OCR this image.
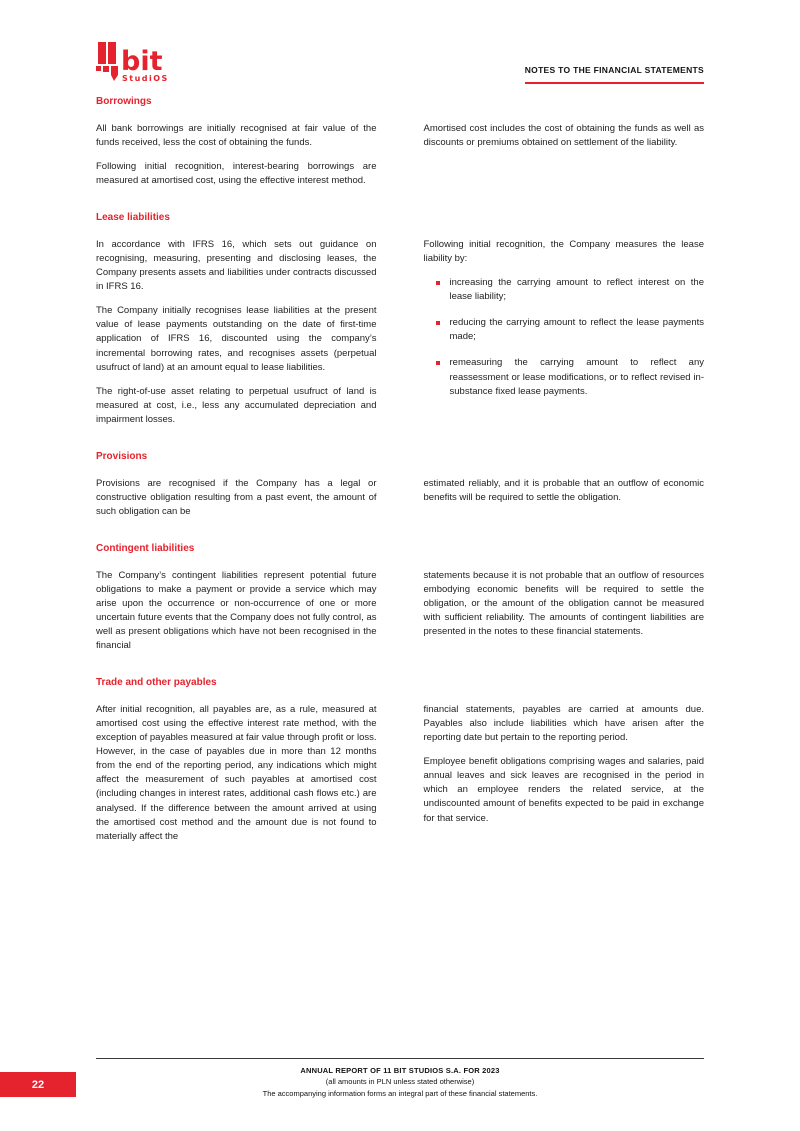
bit
StudiOS
NOTES TO THE FINANCIAL STATEMENTS
Borrowings

All bank borrowings are initially recognised at fair value of the funds received, less the cost of obtaining the funds.

Following initial recognition, interest-bearing borrowings are measured at amortised cost, using the effective interest method.

Amortised cost includes the cost of obtaining the funds as well as discounts or premiums obtained on settlement of the liability.

Lease liabilities

In accordance with IFRS 16, which sets out guidance on recognising, measuring, presenting and disclosing leases, the Company presents assets and liabilities under contracts discussed in IFRS 16.

The Company initially recognises lease liabilities at the present value of lease payments outstanding on the date of first-time application of IFRS 16, discounted using the company’s incremental borrowing rates, and recognises assets (perpetual usufruct of land) at an amount equal to lease liabilities.

The right-of-use asset relating to perpetual usufruct of land is measured at cost, i.e., less any accumulated depreciation and impairment losses.

Following initial recognition, the Company measures the lease liability by:

increasing the carrying amount to reflect interest on the lease liability;
reducing the carrying amount to reflect the lease payments made;
remeasuring the carrying amount to reflect any reassessment or lease modifications, or to reflect revised in-substance fixed lease payments.
Provisions

Provisions are recognised if the Company has a legal or constructive obligation resulting from a past event, the amount of such obligation can be

estimated reliably, and it is probable that an outflow of economic benefits will be required to settle the obligation.

Contingent liabilities

The Company’s contingent liabilities represent potential future obligations to make a payment or provide a service which may arise upon the occurrence or non-occurrence of one or more uncertain future events that the Company does not fully control, as well as present obligations which have not been recognised in the financial

statements because it is not probable that an outflow of resources embodying economic benefits will be required to settle the obligation, or the amount of the obligation cannot be measured with sufficient reliability. The amounts of contingent liabilities are presented in the notes to these financial statements.

Trade and other payables

After initial recognition, all payables are, as a rule, measured at amortised cost using the effective interest rate method, with the exception of payables measured at fair value through profit or loss. However, in the case of payables due in more than 12 months from the end of the reporting period, any indications which might affect the measurement of such payables at amortised cost (including changes in interest rates, additional cash flows etc.) are analysed. If the difference between the amount arrived at using the amortised cost method and the amount due is not found to materially affect the

financial statements, payables are carried at amounts due. Payables also include liabilities which have arisen after the reporting date but pertain to the reporting period.

Employee benefit obligations comprising wages and salaries, paid annual leaves and sick leaves are recognised in the period in which an employee renders the related service, at the undiscounted amount of benefits expected to be paid in exchange for that service.

ANNUAL REPORT OF 11 BIT STUDIOS S.A. FOR 2023
(all amounts in PLN unless stated otherwise)
The accompanying information forms an integral part of these financial statements.
22
